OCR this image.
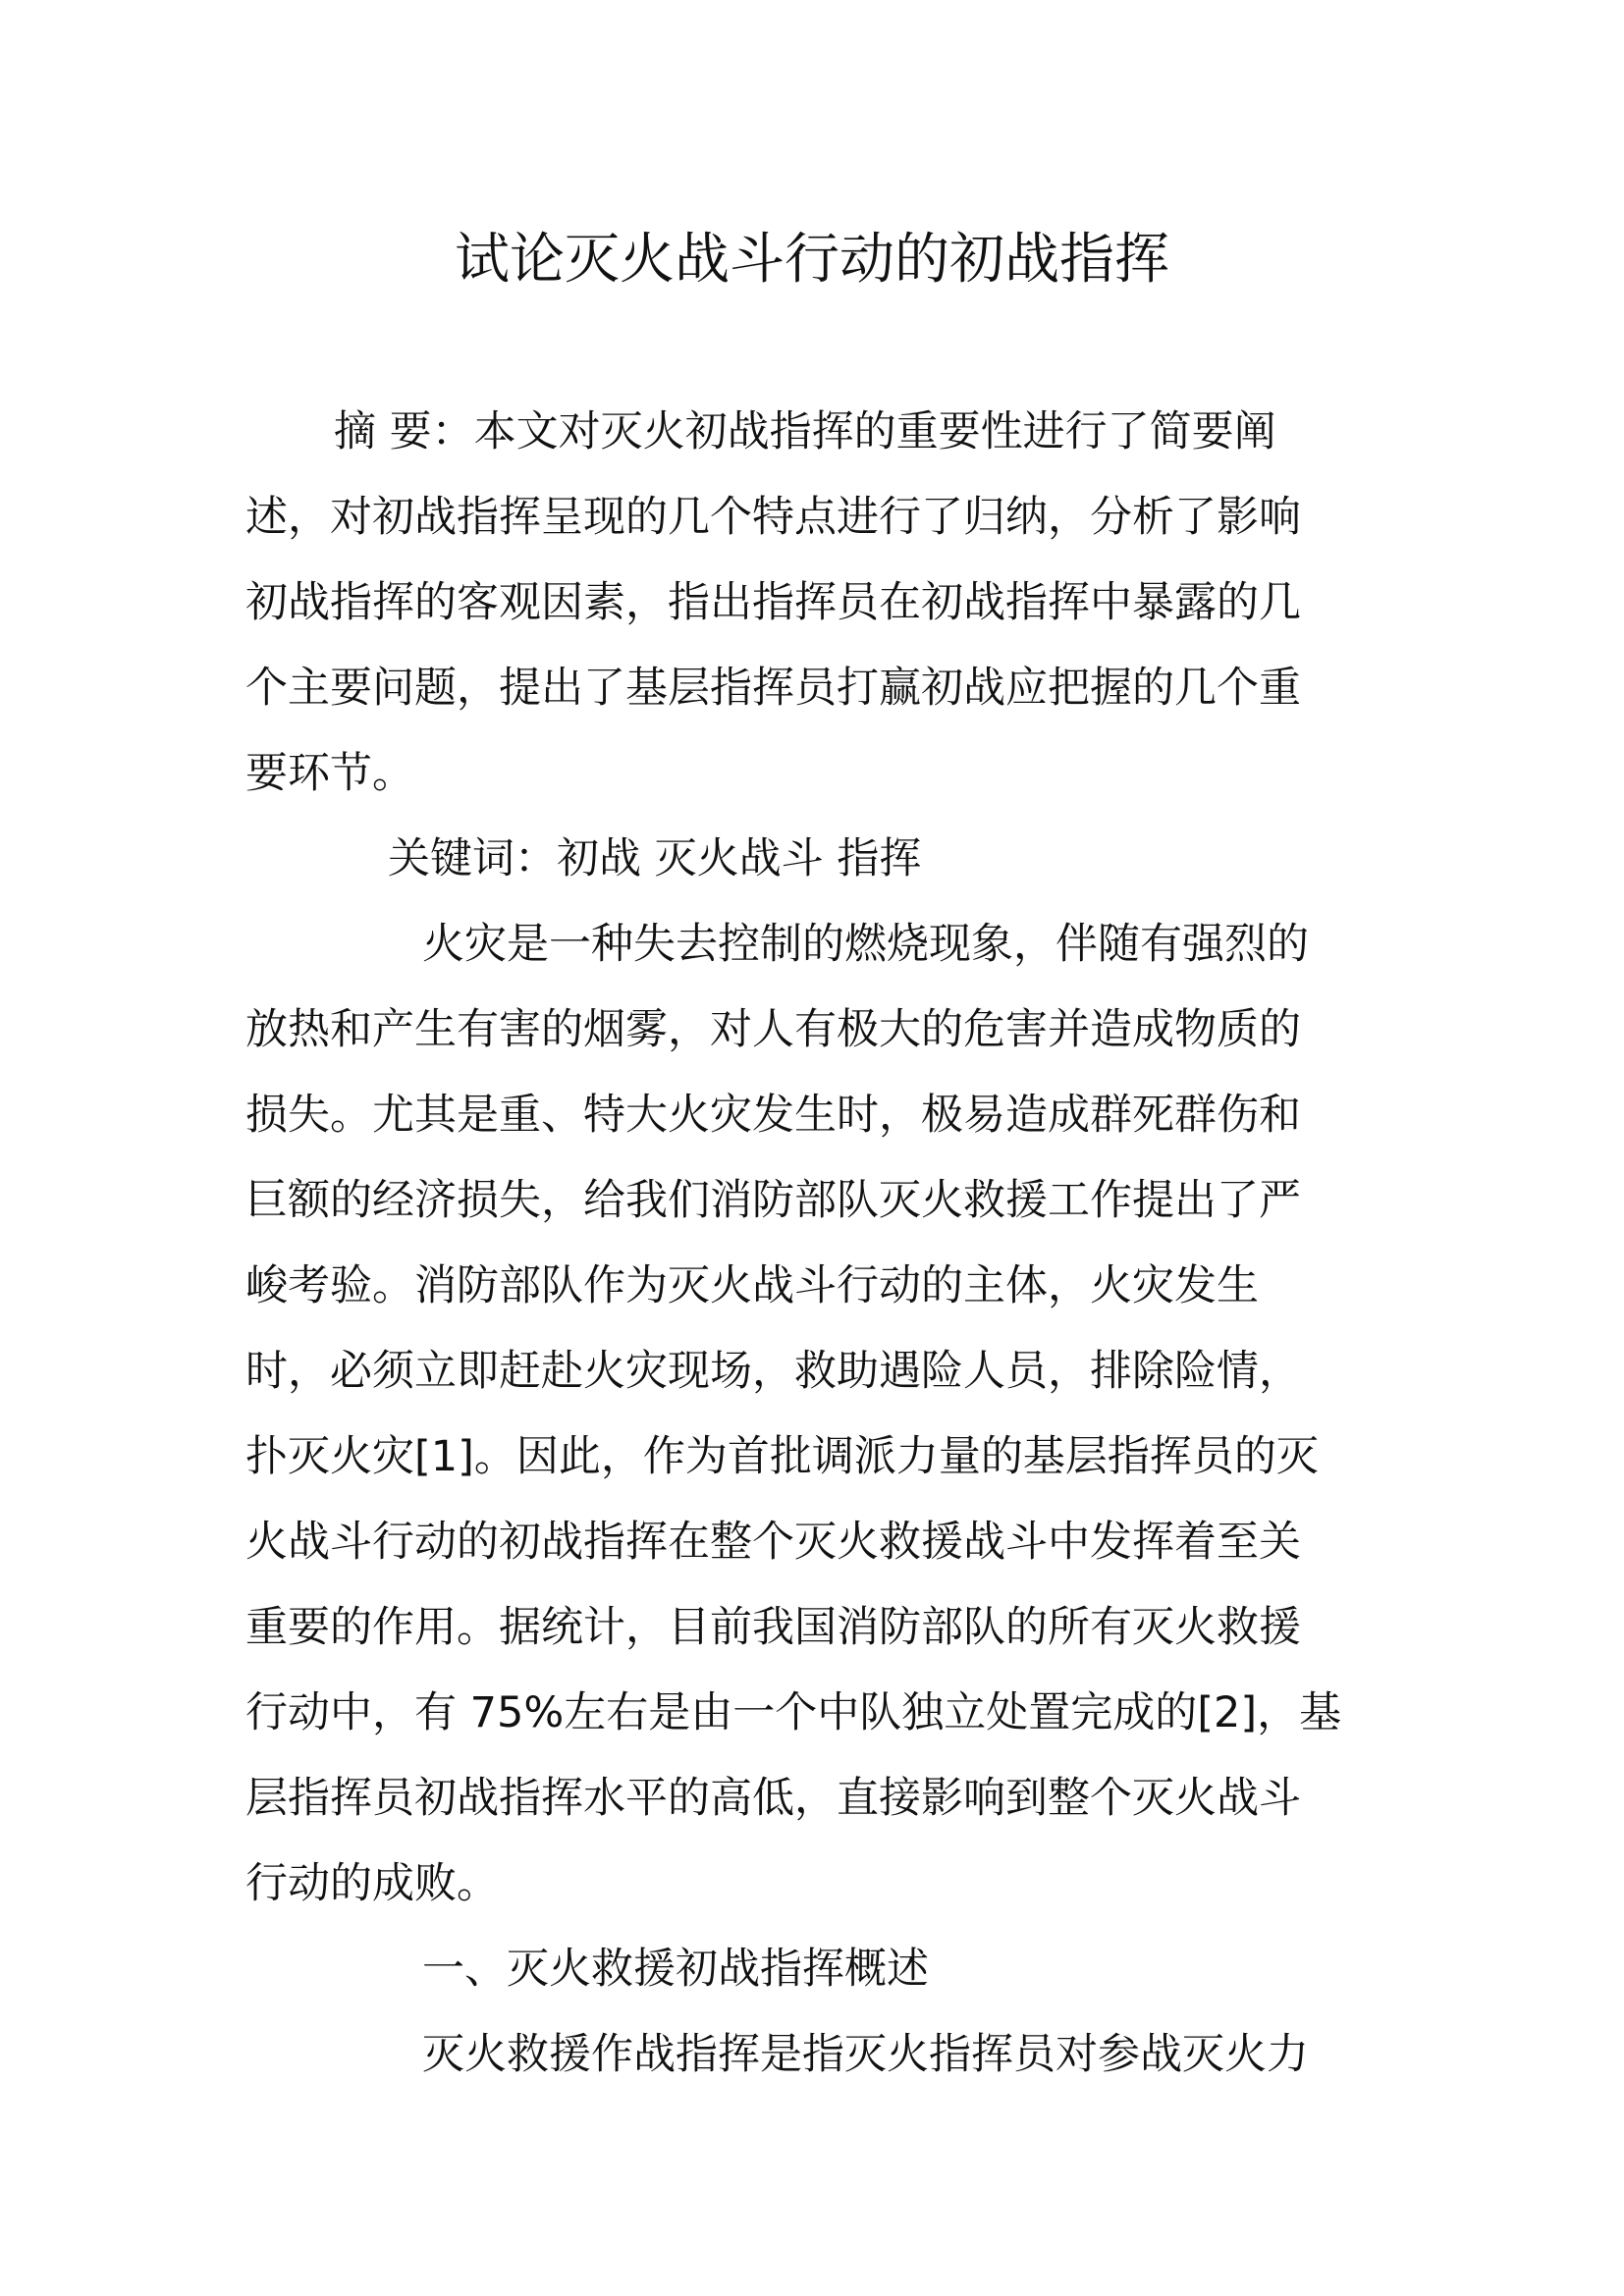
试论灭火战斗行动的初战指挥

摘 要：本文对灭火初战指挥的重要性进行了简要阐

述，对初战指挥呈现的几个特点进行了归纳，分析了影响

初战指挥的客观因素，指出指挥员在初战指挥中暴露的几

个主要问题，提出了基层指挥员打赢初战应把握的几个重

要环节。

关键词：初战 灭火战斗 指挥

火灾是一种失去控制的燃烧现象，伴随有强烈的

放热和产生有害的烟雾，对人有极大的危害并造成物质的

损失。尤其是重、特大火灾发生时，极易造成群死群伤和

巨额的经济损失，给我们消防部队灭火救援工作提出了严

峻考验。消防部队作为灭火战斗行动的主体，火灾发生

时，必须立即赶赴火灾现场，救助遇险人员，排除险情，

扑灭火灾[1]。因此，作为首批调派力量的基层指挥员的灭

火战斗行动的初战指挥在整个灭火救援战斗中发挥着至关

重要的作用。据统计，目前我国消防部队的所有灭火救援

行动中，有 75%左右是由一个中队独立处置完成的[2]，基

层指挥员初战指挥水平的高低，直接影响到整个灭火战斗

行动的成败。

一、灭火救援初战指挥概述

灭火救援作战指挥是指灭火指挥员对参战灭火力
